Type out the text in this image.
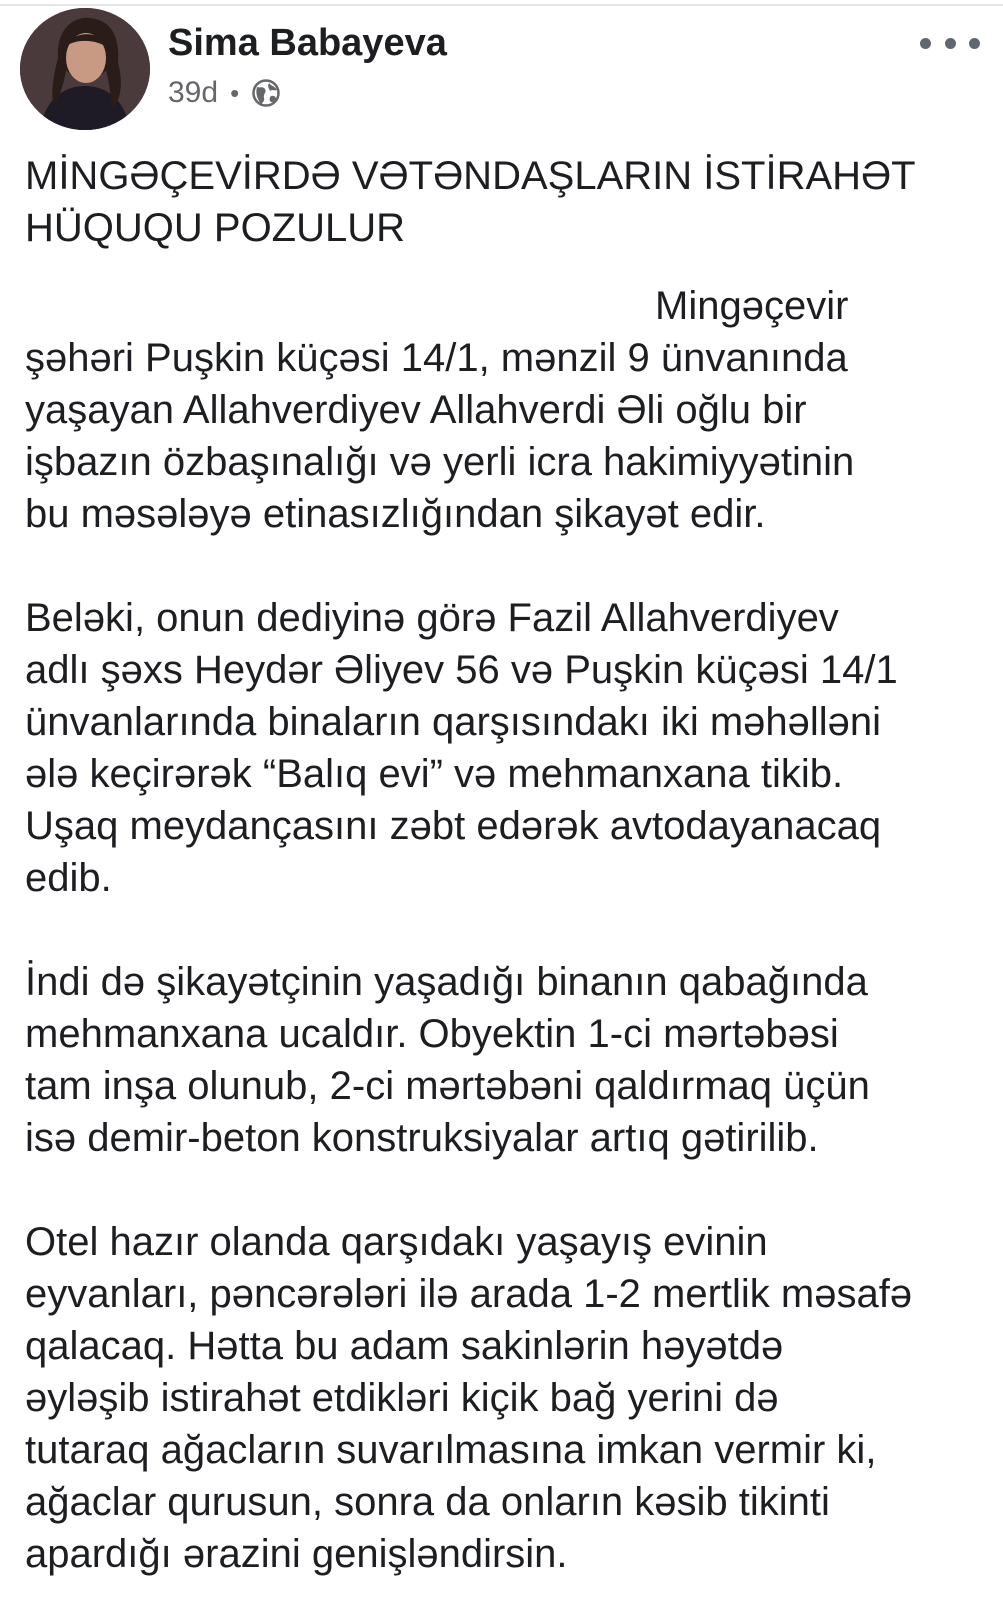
Sima Babayeva
39d •

MİNGƏÇEVİRDƏ VƏTƏNDAŞLARIN İSTİRAHƏT HÜQUQU POZULUR

Mingəçevir
şəhəri Puşkin küçəsi 14/1, mənzil 9 ünvanında
yaşayan Allahverdiyev Allahverdi Əli oğlu bir
işbazın özbaşınalığı və yerli icra hakimiyyətinin
bu məsələyə etinasızlığından şikayət edir.

Beləki, onun dediyinə görə Fazil Allahverdiyev
adlı şəxs Heydər Əliyev 56 və Puşkin küçəsi 14/1
ünvanlarında binaların qarşısındakı iki məhəlləni
ələ keçirərək “Balıq evi” və mehmanxana tikib.
Uşaq meydançasını zəbt edərək avtodayanacaq
edib.

İndi də şikayətçinin yaşadığı binanın qabağında
mehmanxana ucaldır. Obyektin 1-ci mərtəbəsi
tam inşa olunub, 2-ci mərtəbəni qaldırmaq üçün
isə demir-beton konstruksiyalar artıq gətirilib.

Otel hazır olanda qarşıdakı yaşayış evinin
eyvanları, pəncərələri ilə arada 1-2 mertlik məsafə
qalacaq. Hətta bu adam sakinlərin həyətdə
əyləşib istirahət etdikləri kiçik bağ yerini də
tutaraq ağacların suvarılmasına imkan vermir ki,
ağaclar qurusun, sonra da onların kəsib tikinti
apardığı ərazini genişləndirsin.
